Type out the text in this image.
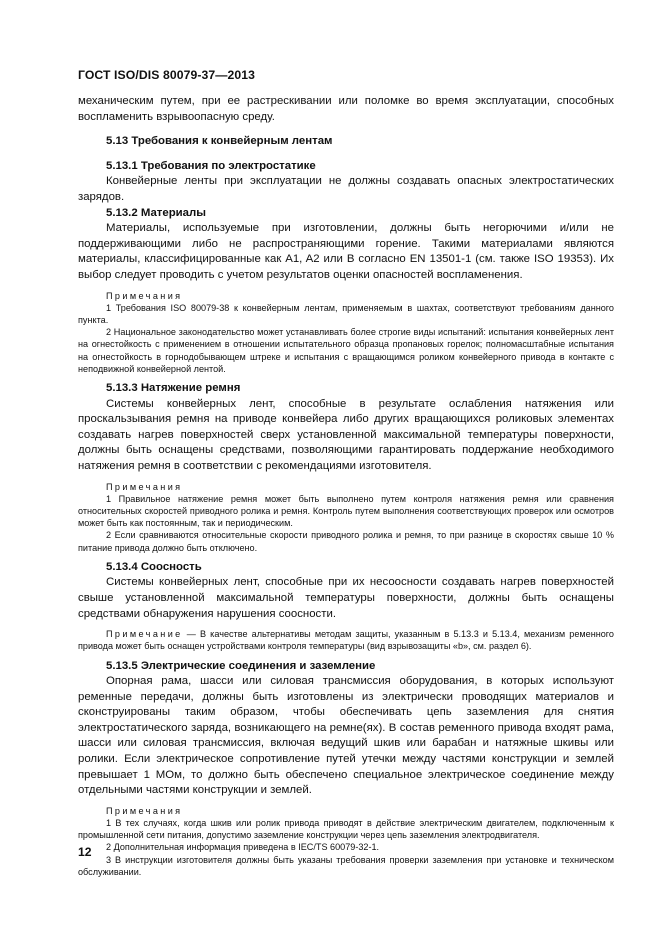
ГОСТ ISO/DIS 80079-37—2013

механическим путем, при ее растрескивании или поломке во время эксплуатации, способных воспламенить взрывоопасную среду.

5.13 Требования к конвейерным лентам

5.13.1 Требования по электростатике

Конвейерные ленты при эксплуатации не должны создавать опасных электростатических зарядов.

5.13.2 Материалы

Материалы, используемые при изготовлении, должны быть негорючими и/или не поддерживающими либо не распространяющими горение. Такими материалами являются материалы, классифицированные как A1, A2 или B согласно EN 13501-1 (см. также ISO 19353). Их выбор следует проводить с учетом результатов оценки опасностей воспламенения.

Примечания

1 Требования ISO 80079-38 к конвейерным лентам, применяемым в шахтах, соответствуют требованиям данного пункта.

2 Национальное законодательство может устанавливать более строгие виды испытаний: испытания конвейерных лент на огнестойкость с применением в отношении испытательного образца пропановых горелок; полномасштабные испытания на огнестойкость в горнодобывающем штреке и испытания с вращающимся роликом конвейерного привода в контакте с неподвижной конвейерной лентой.

5.13.3 Натяжение ремня

Системы конвейерных лент, способные в результате ослабления натяжения или проскальзывания ремня на приводе конвейера либо других вращающихся роликовых элементах создавать нагрев поверхностей сверх установленной максимальной температуры поверхности, должны быть оснащены средствами, позволяющими гарантировать поддержание необходимого натяжения ремня в соответствии с рекомендациями изготовителя.

Примечания

1 Правильное натяжение ремня может быть выполнено путем контроля натяжения ремня или сравнения относительных скоростей приводного ролика и ремня. Контроль путем выполнения соответствующих проверок или осмотров может быть как постоянным, так и периодическим.

2 Если сравниваются относительные скорости приводного ролика и ремня, то при разнице в скоростях свыше 10 % питание привода должно быть отключено.

5.13.4 Соосность

Системы конвейерных лент, способные при их несоосности создавать нагрев поверхностей свыше установленной максимальной температуры поверхности, должны быть оснащены средствами обнаружения нарушения соосности.

Примечание — В качестве альтернативы методам защиты, указанным в 5.13.3 и 5.13.4, механизм ременного привода может быть оснащен устройствами контроля температуры (вид взрывозащиты «b», см. раздел 6).

5.13.5 Электрические соединения и заземление

Опорная рама, шасси или силовая трансмиссия оборудования, в которых используют ременные передачи, должны быть изготовлены из электрически проводящих материалов и сконструированы таким образом, чтобы обеспечивать цепь заземления для снятия электростатического заряда, возникающего на ремне(ях). В состав ременного привода входят рама, шасси или силовая трансмиссия, включая ведущий шкив или барабан и натяжные шкивы или ролики. Если электрическое сопротивление путей утечки между частями конструкции и землей превышает 1 МОм, то должно быть обеспечено специальное электрическое соединение между отдельными частями конструкции и землей.

Примечания

1 В тех случаях, когда шкив или ролик привода приводят в действие электрическим двигателем, подключенным к промышленной сети питания, допустимо заземление конструкции через цепь заземления электродвигателя.

2 Дополнительная информация приведена в IEC/TS 60079-32-1.

3 В инструкции изготовителя должны быть указаны требования проверки заземления при установке и техническом обслуживании.

12
